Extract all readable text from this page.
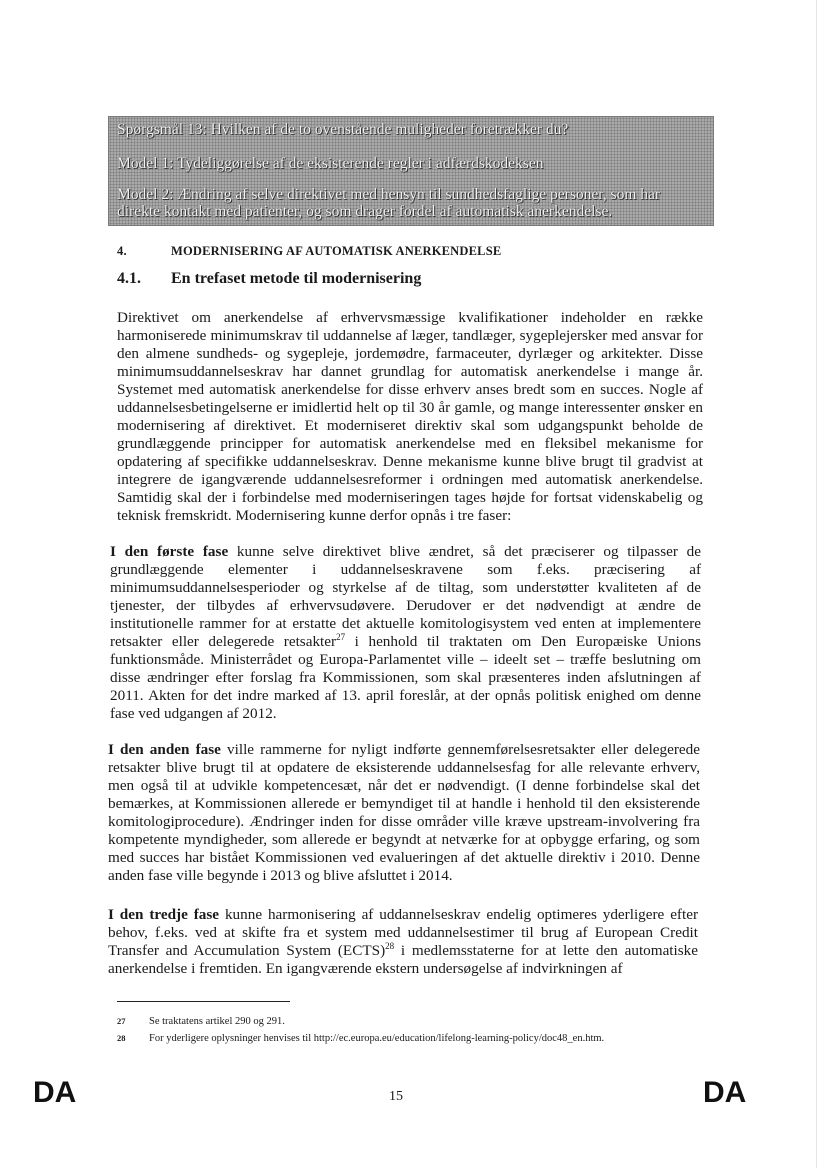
Spørgsmål 13: Hvilken af de to ovenstående muligheder foretrækker du?

Model 1: Tydeliggørelse af de eksisterende regler i adfærdskodeksen

Model 2: Ændring af selve direktivet med hensyn til sundhedsfaglige personer, som har direkte kontakt med patienter, og som drager fordel af automatisk anerkendelse.

4.	MODERNISERING AF AUTOMATISK ANERKENDELSE
4.1. En trefaset metode til modernisering

Direktivet om anerkendelse af erhvervsmæssige kvalifikationer indeholder en række harmoniserede minimumskrav til uddannelse af læger, tandlæger, sygeplejersker med ansvar for den almene sundheds- og sygepleje, jordemødre, farmaceuter, dyrlæger og arkitekter. Disse minimumsuddannelseskrav har dannet grundlag for automatisk anerkendelse i mange år. Systemet med automatisk anerkendelse for disse erhverv anses bredt som en succes. Nogle af uddannelsesbetingelserne er imidlertid helt op til 30 år gamle, og mange interessenter ønsker en modernisering af direktivet. Et moderniseret direktiv skal som udgangspunkt beholde de grundlæggende principper for automatisk anerkendelse med en fleksibel mekanisme for opdatering af specifikke uddannelseskrav. Denne mekanisme kunne blive brugt til gradvist at integrere de igangværende uddannelsesreformer i ordningen med automatisk anerkendelse. Samtidig skal der i forbindelse med moderniseringen tages højde for fortsat videnskabelig og teknisk fremskridt. Modernisering kunne derfor opnås i tre faser:

I den første fase kunne selve direktivet blive ændret, så det præciserer og tilpasser de grundlæggende elementer i uddannelseskravene som f.eks. præcisering af minimumsuddannelsesperioder og styrkelse af de tiltag, som understøtter kvaliteten af de tjenester, der tilbydes af erhvervsudøvere. Derudover er det nødvendigt at ændre de institutionelle rammer for at erstatte det aktuelle komitologisystem ved enten at implementere retsakter eller delegerede retsakter$^{27}$ i henhold til traktaten om Den Europæiske Unions funktionsmåde. Ministerrådet og Europa-Parlamentet ville – ideelt set – træffe beslutning om disse ændringer efter forslag fra Kommissionen, som skal præsenteres inden afslutningen af 2011. Akten for det indre marked af 13. april foreslår, at der opnås politisk enighed om denne fase ved udgangen af 2012.

I den anden fase ville rammerne for nyligt indførte gennemførelsesretsakter eller delegerede retsakter blive brugt til at opdatere de eksisterende uddannelsesfag for alle relevante erhverv, men også til at udvikle kompetencesæt, når det er nødvendigt. (I denne forbindelse skal det bemærkes, at Kommissionen allerede er bemyndiget til at handle i henhold til den eksisterende komitologiprocedure). Ændringer inden for disse områder ville kræve upstream-involvering fra kompetente myndigheder, som allerede er begyndt at netværke for at opbygge erfaring, og som med succes har bistået Kommissionen ved evalueringen af det aktuelle direktiv i 2010. Denne anden fase ville begynde i 2013 og blive afsluttet i 2014.

I den tredje fase kunne harmonisering af uddannelseskrav endelig optimeres yderligere efter behov, f.eks. ved at skifte fra et system med uddannelsestimer til brug af European Credit Transfer and Accumulation System (ECTS)$^{28}$ i medlemsstaterne for at lette den automatiske anerkendelse i fremtiden. En igangværende ekstern undersøgelse af indvirkningen af

27 Se traktatens artikel 290 og 291.
28 For yderligere oplysninger henvises til http://ec.europa.eu/education/lifelong-learning-policy/doc48_en.htm.
DA	15	DA
